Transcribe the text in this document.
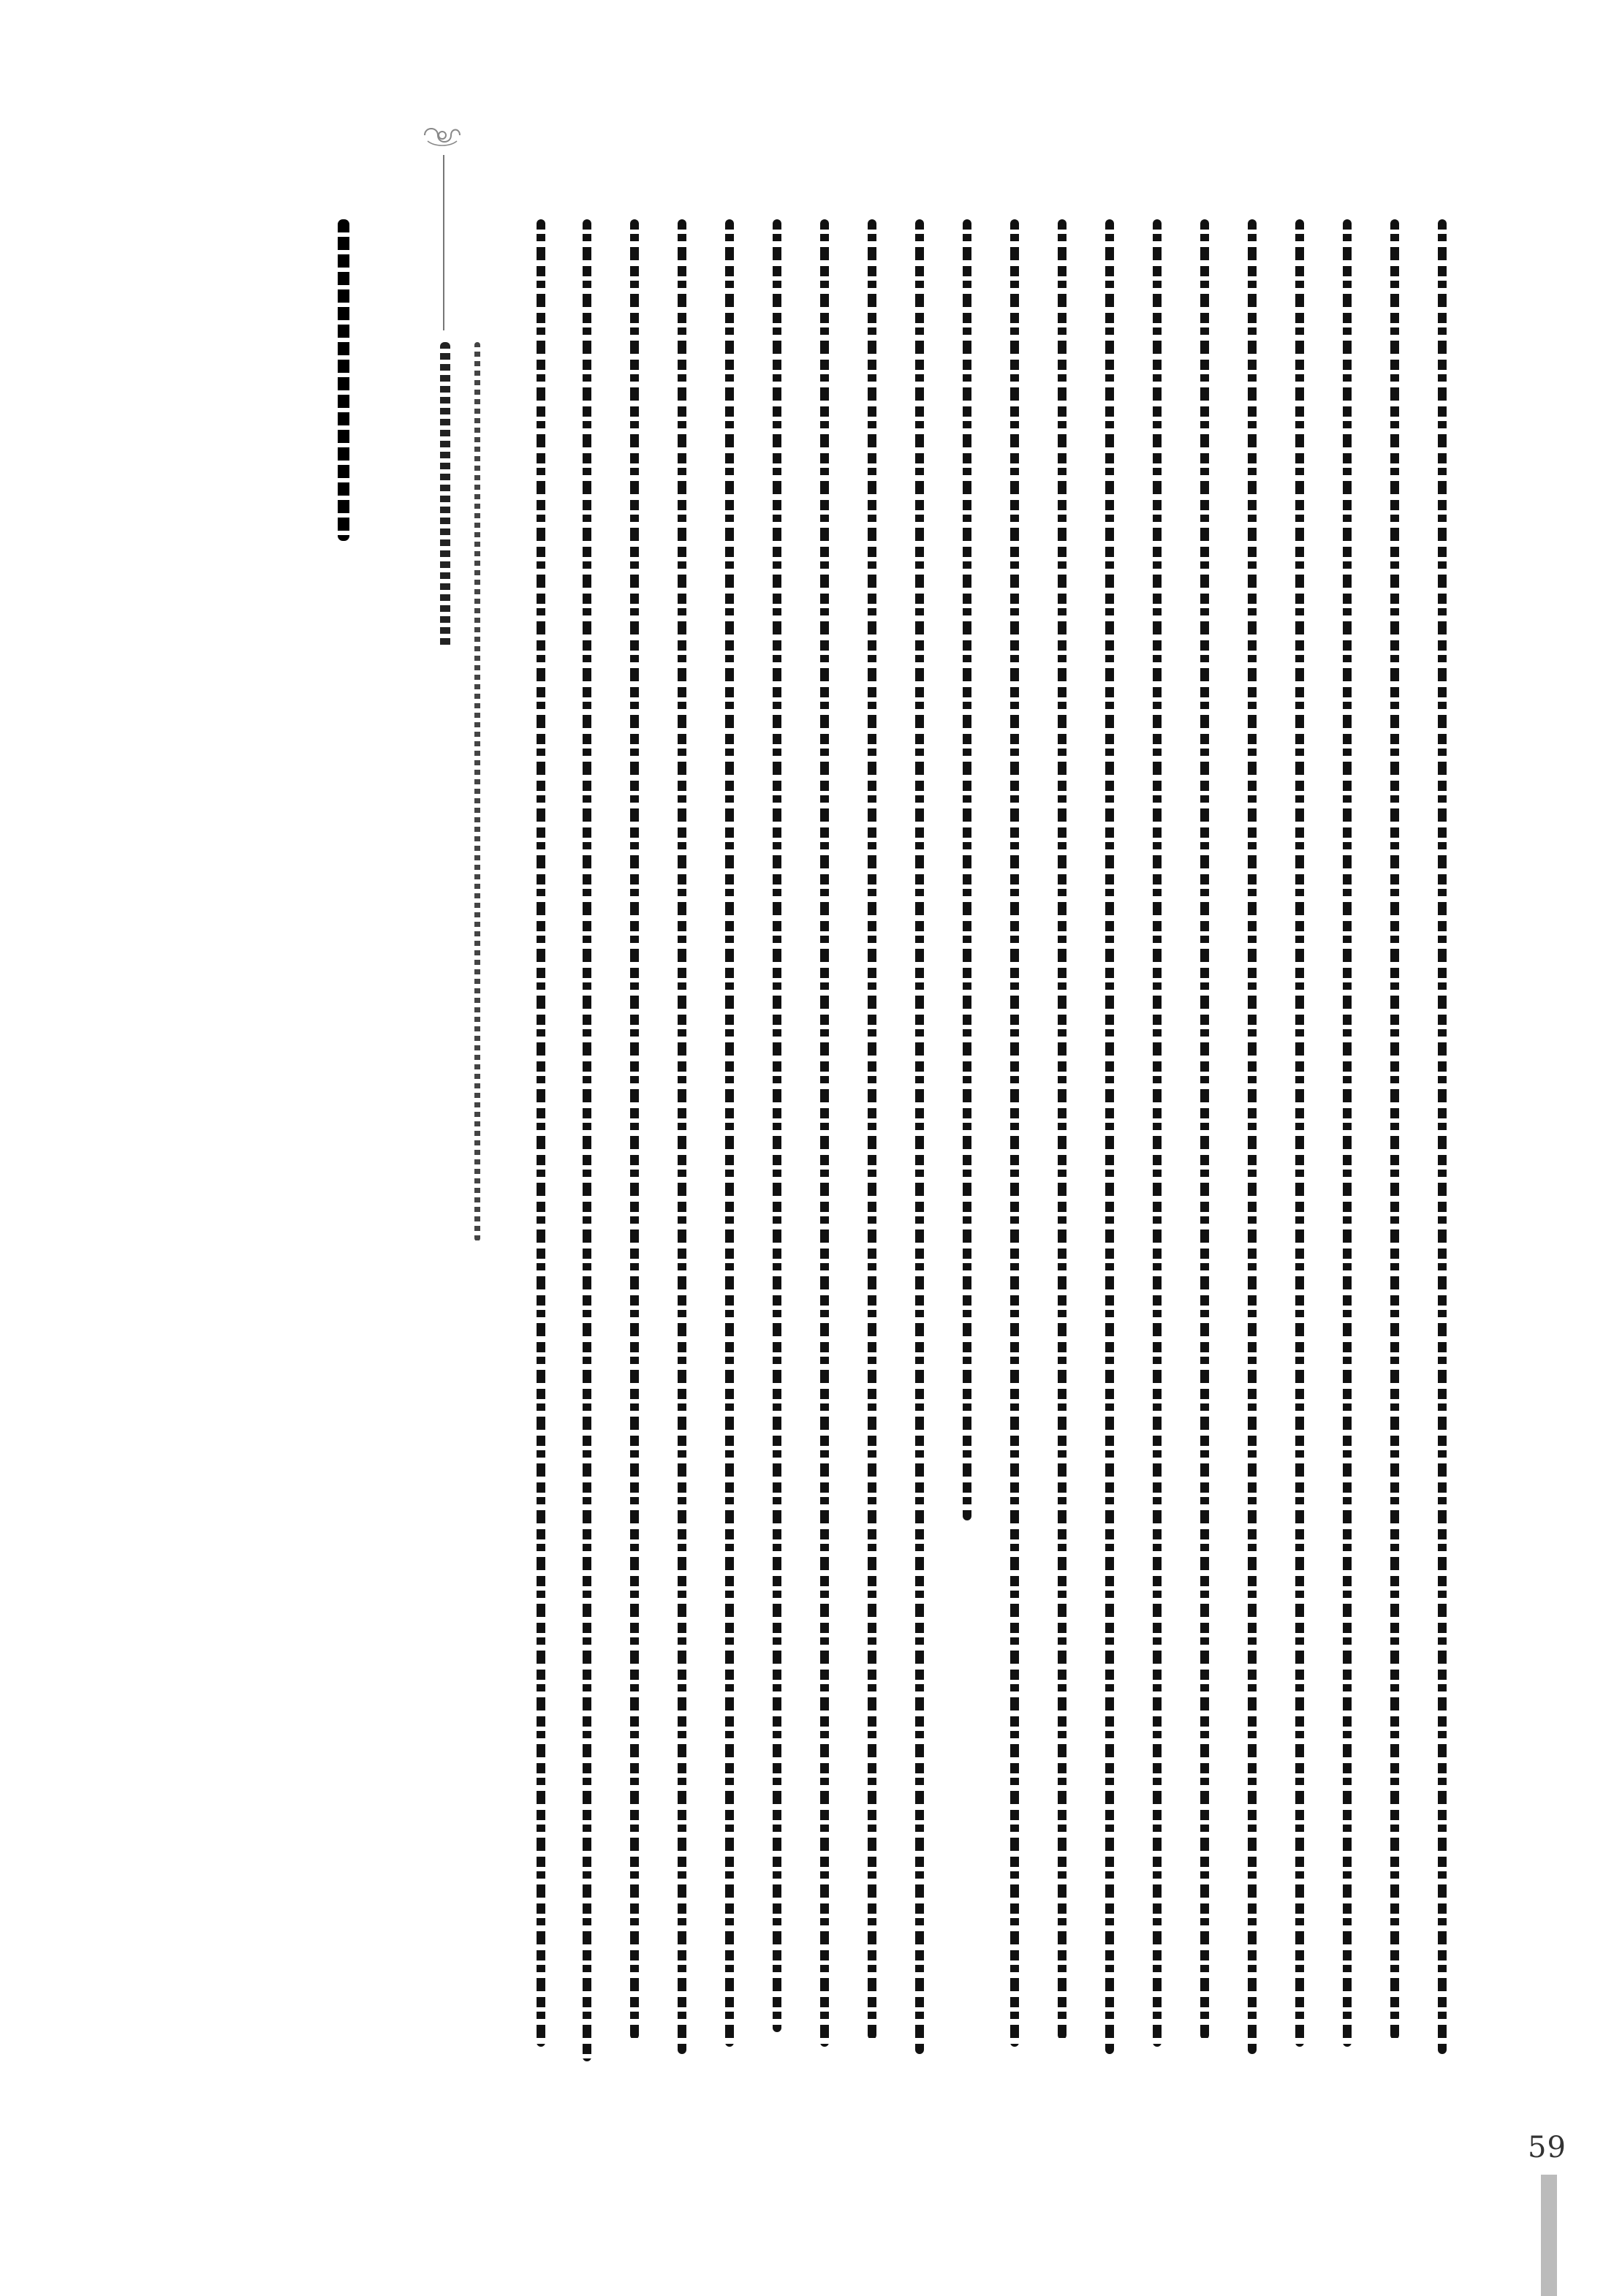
59
